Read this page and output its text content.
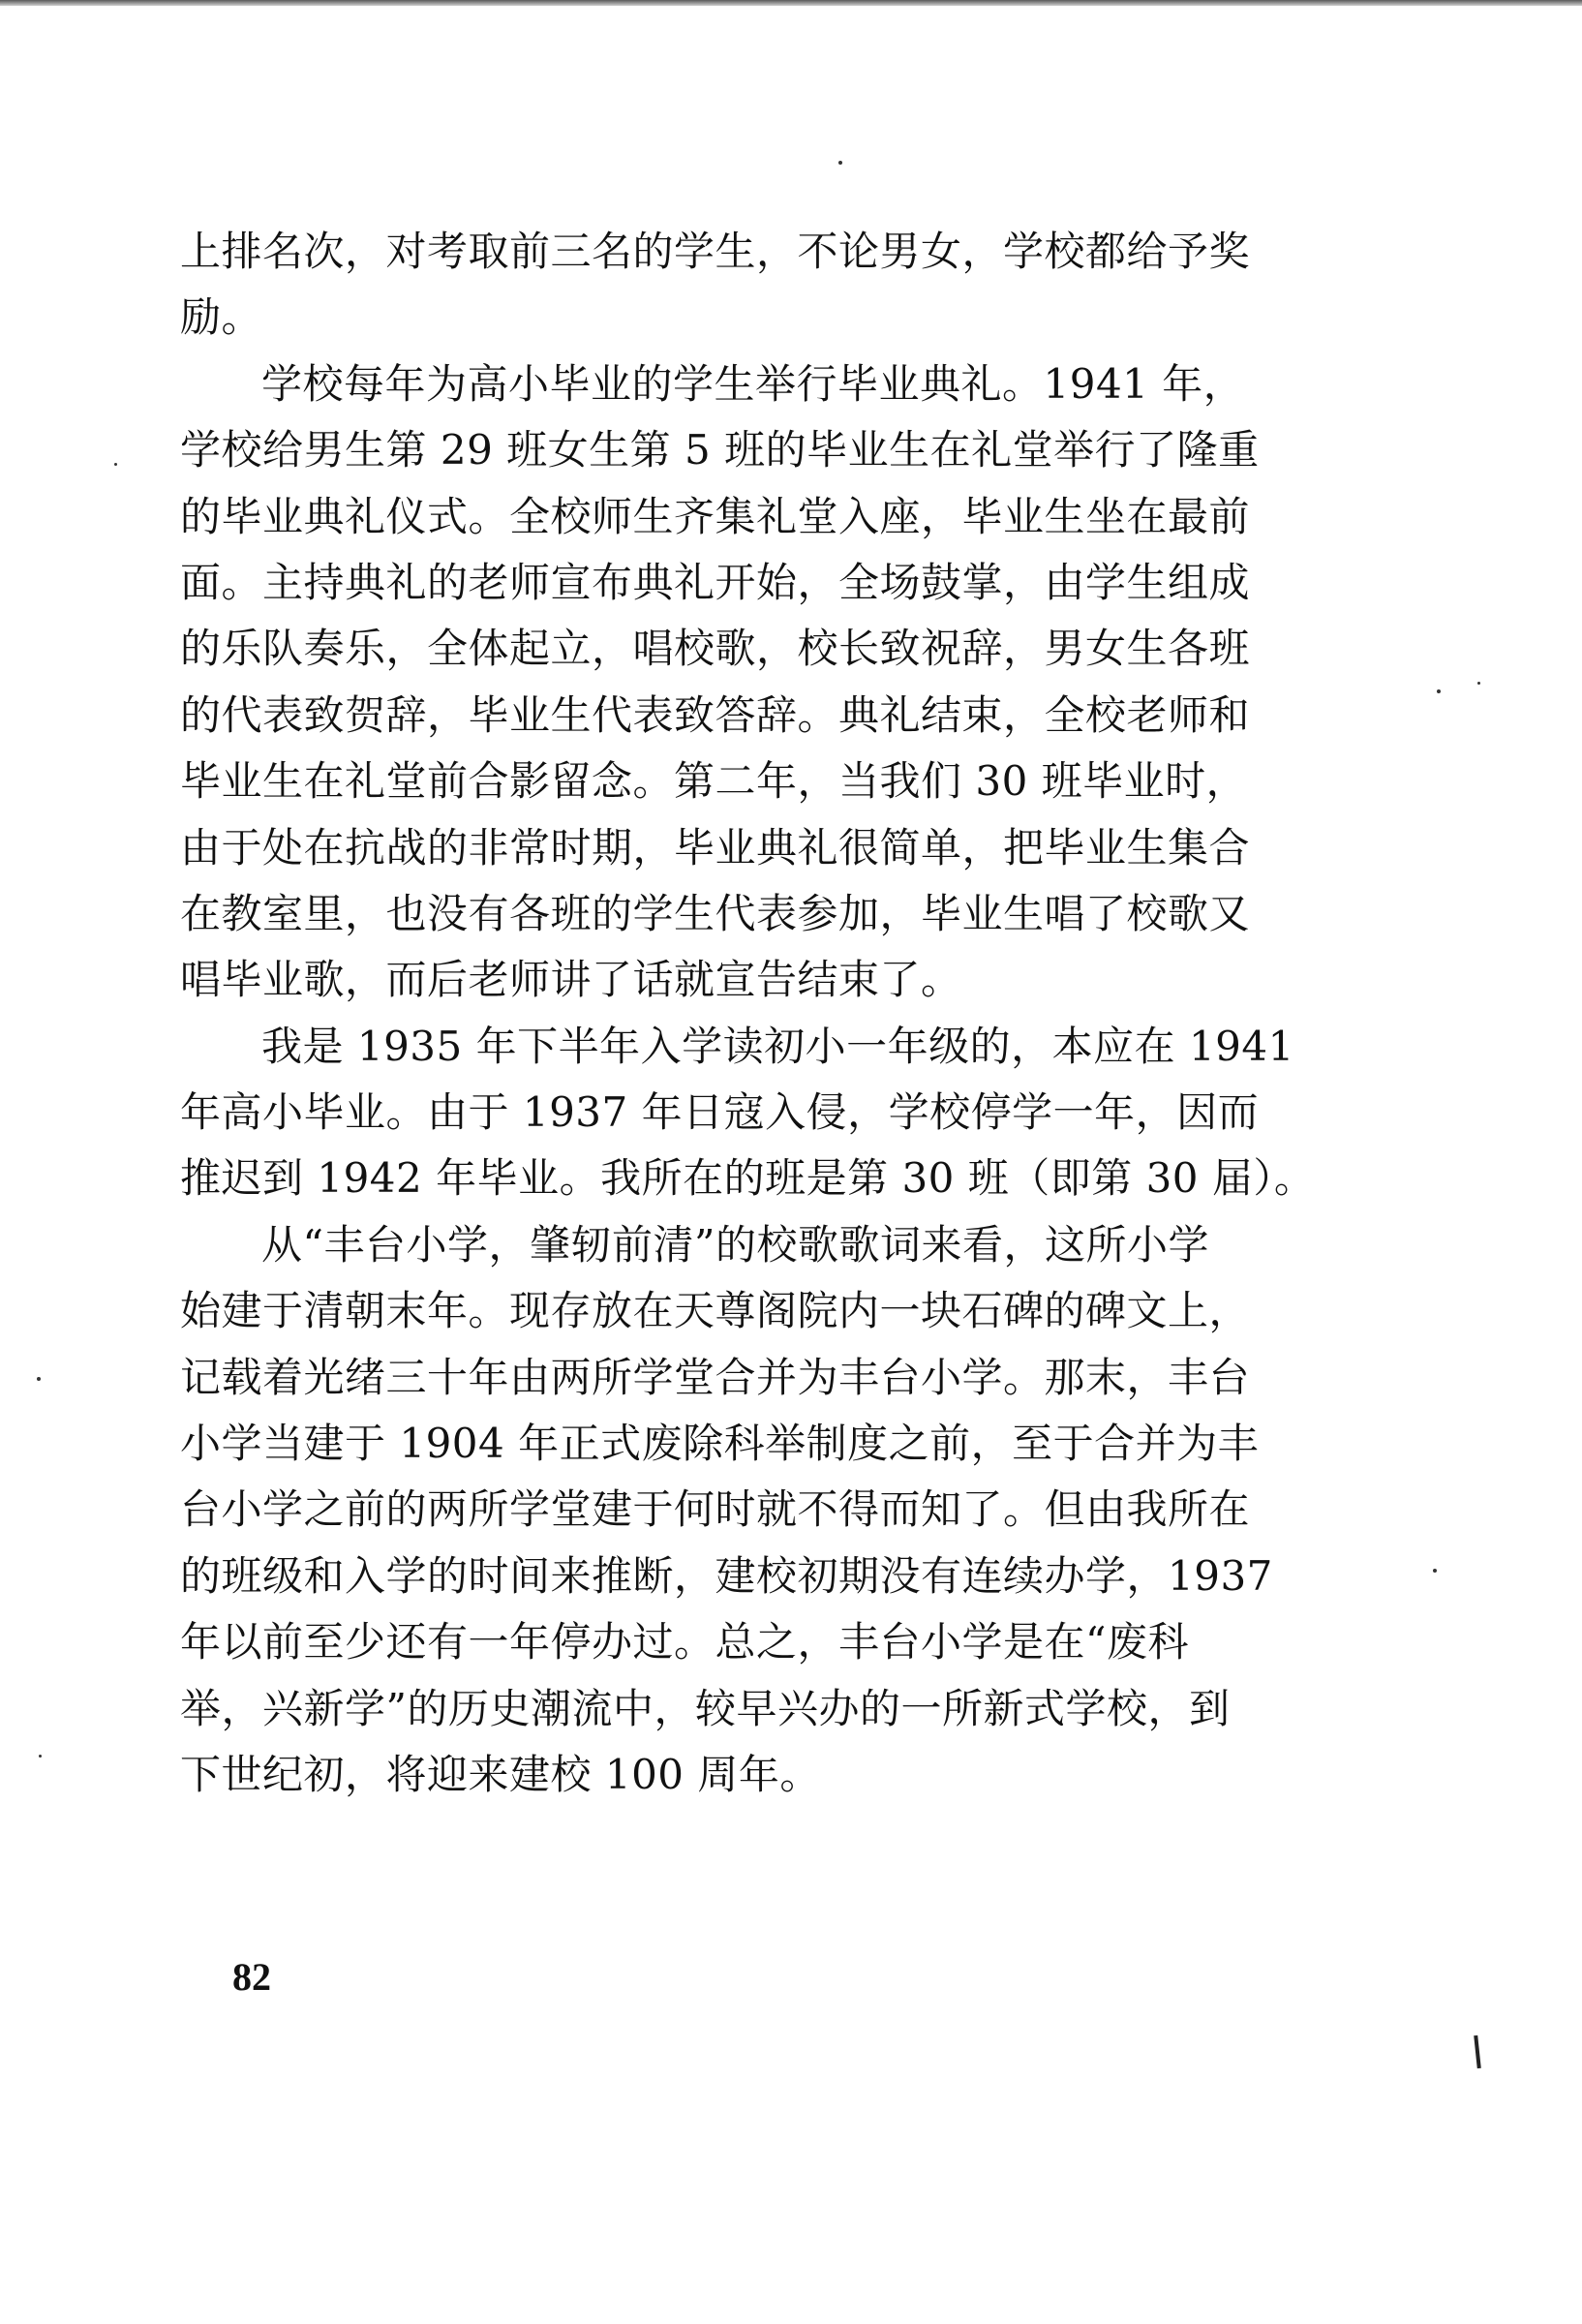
上排名次，对考取前三名的学生，不论男女，学校都给予奖
励。
学校每年为高小毕业的学生举行毕业典礼。1941 年，
学校给男生第 29 班女生第 5 班的毕业生在礼堂举行了隆重
的毕业典礼仪式。全校师生齐集礼堂入座，毕业生坐在最前
面。主持典礼的老师宣布典礼开始，全场鼓掌，由学生组成
的乐队奏乐，全体起立，唱校歌，校长致祝辞，男女生各班
的代表致贺辞，毕业生代表致答辞。典礼结束，全校老师和
毕业生在礼堂前合影留念。第二年，当我们 30 班毕业时，
由于处在抗战的非常时期，毕业典礼很简单，把毕业生集合
在教室里，也没有各班的学生代表参加，毕业生唱了校歌又
唱毕业歌，而后老师讲了话就宣告结束了。
我是 1935 年下半年入学读初小一年级的，本应在 1941
年高小毕业。由于 1937 年日寇入侵，学校停学一年，因而
推迟到 1942 年毕业。我所在的班是第 30 班（即第 30 届）。
从“丰台小学，肇轫前清”的校歌歌词来看，这所小学
始建于清朝末年。现存放在天尊阁院内一块石碑的碑文上，
记载着光绪三十年由两所学堂合并为丰台小学。那末，丰台
小学当建于 1904 年正式废除科举制度之前，至于合并为丰
台小学之前的两所学堂建于何时就不得而知了。但由我所在
的班级和入学的时间来推断，建校初期没有连续办学，1937
年以前至少还有一年停办过。总之，丰台小学是在“废科
举，兴新学”的历史潮流中，较早兴办的一所新式学校，到
下世纪初，将迎来建校 100 周年。
82
